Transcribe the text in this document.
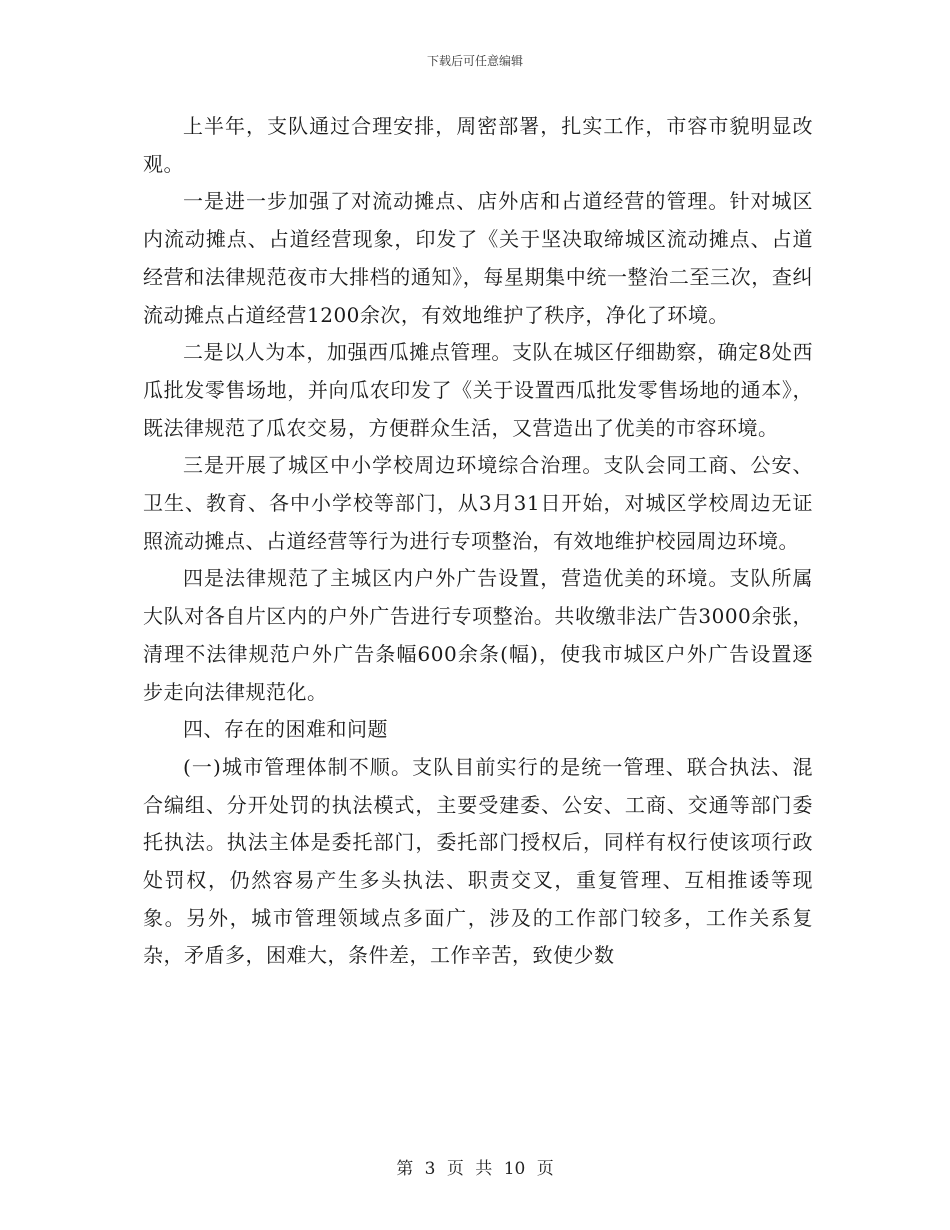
下载后可任意编辑

上半年，支队通过合理安排，周密部署，扎实工作，市容市貌明显改观。

一是进一步加强了对流动摊点、店外店和占道经营的管理。针对城区内流动摊点、占道经营现象，印发了《关于坚决取缔城区流动摊点、占道经营和法律规范夜市大排档的通知》，每星期集中统一整治二至三次，查纠流动摊点占道经营1200余次，有效地维护了秩序，净化了环境。

二是以人为本，加强西瓜摊点管理。支队在城区仔细勘察，确定8处西瓜批发零售场地，并向瓜农印发了《关于设置西瓜批发零售场地的通本》，既法律规范了瓜农交易，方便群众生活，又营造出了优美的市容环境。

三是开展了城区中小学校周边环境综合治理。支队会同工商、公安、卫生、教育、各中小学校等部门，从3月31日开始，对城区学校周边无证照流动摊点、占道经营等行为进行专项整治，有效地维护校园周边环境。

四是法律规范了主城区内户外广告设置，营造优美的环境。支队所属大队对各自片区内的户外广告进行专项整治。共收缴非法广告3000余张，清理不法律规范户外广告条幅600余条(幅)，使我市城区户外广告设置逐步走向法律规范化。

四、存在的困难和问题

(一)城市管理体制不顺。支队目前实行的是统一管理、联合执法、混合编组、分开处罚的执法模式，主要受建委、公安、工商、交通等部门委托执法。执法主体是委托部门，委托部门授权后，同样有权行使该项行政处罚权，仍然容易产生多头执法、职责交叉，重复管理、互相推诿等现象。另外，城市管理领域点多面广，涉及的工作部门较多，工作关系复杂，矛盾多，困难大，条件差，工作辛苦，致使少数

第 3 页 共 10 页
